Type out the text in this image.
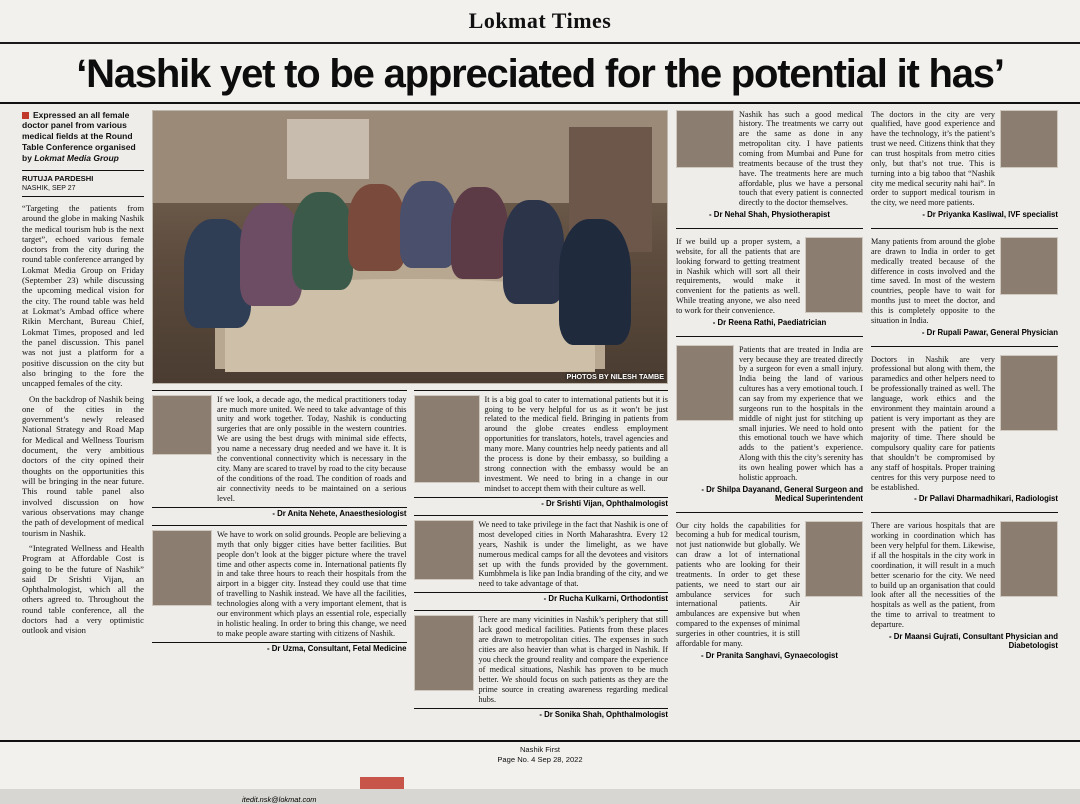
Lokmat Times
‘Nashik yet to be appreciated for the potential it has’
Expressed an all female doctor panel from various medical fields at the Round Table Conference organised by Lokmat Media Group
RUTUJA PARDESHI
NASHIK, SEP 27

“Targeting the patients from around the globe in making Nashik the medical tourism hub is the next target”, echoed various female doctors from the city during the round table conference arranged by Lokmat Media Group on Friday (September 23) while discussing the upcoming medical vision for the city. The round table was held at Lokmat’s Ambad office where Rikin Merchant, Bureau Chief, Lokmat Times, proposed and led the panel discussion. This panel was not just a platform for a positive discussion on the city but also bringing to the fore the uncapped females of the city.

On the backdrop of Nashik being one of the cities in the government’s newly released National Strategy and Road Map for Medical and Wellness Tourism document, the very ambitious doctors of the city opined their thoughts on the opportunities this will be bringing in the near future. This round table panel also involved discussion on how various observations may change the path of development of medical tourism in Nashik.

“Integrated Wellness and Health Program at Affordable Cost is going to be the future of Nashik” said Dr Srishti Vijan, an Ophthalmologist, which all the others agreed to. Throughout the round table conference, all the doctors had a very optimistic outlook and vision

PHOTOS BY NILESH TAMBE
If we look, a decade ago, the medical practitioners today are much more united. We need to take advantage of this unity and work together. Today, Nashik is conducting surgeries that are only possible in the western countries. We are using the best drugs with minimal side effects, you name a necessary drug needed and we have it. It is the conventional connectivity which is necessary in the city. Many are scared to travel by road to the city because of the conditions of the road. The condition of roads and air connectivity needs to be maintained on a serious level.
- Dr Anita Nehete, Anaesthesiologist
We have to work on solid grounds. People are believing a myth that only bigger cities have better facilities. But people don’t look at the bigger picture where the travel time and other aspects come in. International patients fly in and take three hours to reach their hospitals from the airport in a bigger city. Instead they could use that time of travelling to Nashik instead. We have all the facilities, technologies along with a very important element, that is our environment which plays an essential role, especially in holistic healing. In order to bring this change, we need to make people aware starting with citizens of Nashik.
- Dr Uzma, Consultant, Fetal Medicine
itedit.nsk@lokmat.com
It is a big goal to cater to international patients but it is going to be very helpful for us as it won’t be just related to the medical field. Bringing in patients from around the globe creates endless employment opportunities for translators, hotels, travel agencies and many more. Many countries help needy patients and all the process is done by their embassy, so building a strong connection with the embassy would be an investment. We need to bring in a change in our mindset to accept them with their culture as well.
- Dr Srishti Vijan, Ophthalmologist
We need to take privilege in the fact that Nashik is one of most developed cities in North Maharashtra. Every 12 years, Nashik is under the limelight, as we have numerous medical camps for all the devotees and visitors set up with the funds provided by the government. Kumbhmela is like pan India branding of the city, and we need to take advantage of that.
- Dr Rucha Kulkarni, Orthodontist
There are many vicinities in Nashik’s periphery that still lack good medical facilities. Patients from these places are drawn to metropolitan cities. The expenses in such cities are also heavier than what is charged in Nashik. If you check the ground reality and compare the experience of medical situations, Nashik has proven to be much better. We should focus on such patients as they are the prime source in creating awareness regarding medical hubs.
- Dr Sonika Shah, Ophthalmologist
Nashik has such a good medical history. The treatments we carry out are the same as done in any metropolitan city. I have patients coming from Mumbai and Pune for treatments because of the trust they have. The treatments here are much affordable, plus we have a personal touch that every patient is connected directly to the doctor themselves.
- Dr Nehal Shah, Physiotherapist
If we build up a proper system, a website, for all the patients that are looking forward to getting treatment in Nashik which will sort all their requirements, would make it convenient for the patients as well. While treating anyone, we also need to work for their convenience.
- Dr Reena Rathi, Paediatrician
Patients that are treated in India are very because they are treated directly by a surgeon for even a small injury. India being the land of various cultures has a very emotional touch. I can say from my experience that we surgeons run to the hospitals in the middle of night just for stitching up small injuries. We need to hold onto this emotional touch we have which adds to the patient’s experience. Along with this the city’s serenity has its own healing power which has a holistic approach.
- Dr Shilpa Dayanand, General Surgeon and Medical Superintendent
Our city holds the capabilities for becoming a hub for medical tourism, not just nationwide but globally. We can draw a lot of international patients who are looking for their treatments. In order to get these patients, we need to start our air ambulance services for such international patients. Air ambulances are expensive but when compared to the expenses of minimal surgeries in other countries, it is still affordable for many.
- Dr Pranita Sanghavi, Gynaecologist
The doctors in the city are very qualified, have good experience and have the technology, it’s the patient’s trust we need. Citizens think that they can trust hospitals from metro cities only, but that’s not true. This is turning into a big taboo that “Nashik city me medical security nahi hai”. In order to support medical tourism in the city, we need more patients.
- Dr Priyanka Kasliwal, IVF specialist
Many patients from around the globe are drawn to India in order to get medically treated because of the difference in costs involved and the time saved. In most of the western countries, people have to wait for months just to meet the doctor, and this is completely opposite to the situation in India.
- Dr Rupali Pawar, General Physician
Doctors in Nashik are very professional but along with them, the paramedics and other helpers need to be professionally trained as well. The language, work ethics and the environment they maintain around a patient is very important as they are present with the patient for the majority of time. There should be compulsory quality care for patients that shouldn’t be compromised by any staff of hospitals. Proper training centres for this very purpose need to be established.
- Dr Pallavi Dharmadhikari, Radiologist
There are various hospitals that are working in coordination which has been very helpful for them. Likewise, if all the hospitals in the city work in coordination, it will result in a much better scenario for the city. We need to build up an organisation that could look after all the necessities of the hospitals as well as the patient, from the time to arrival to treatment to departure.
- Dr Maansi Gujrati, Consultant Physician and Diabetologist
Nashik First
Page No. 4 Sep 28, 2022
